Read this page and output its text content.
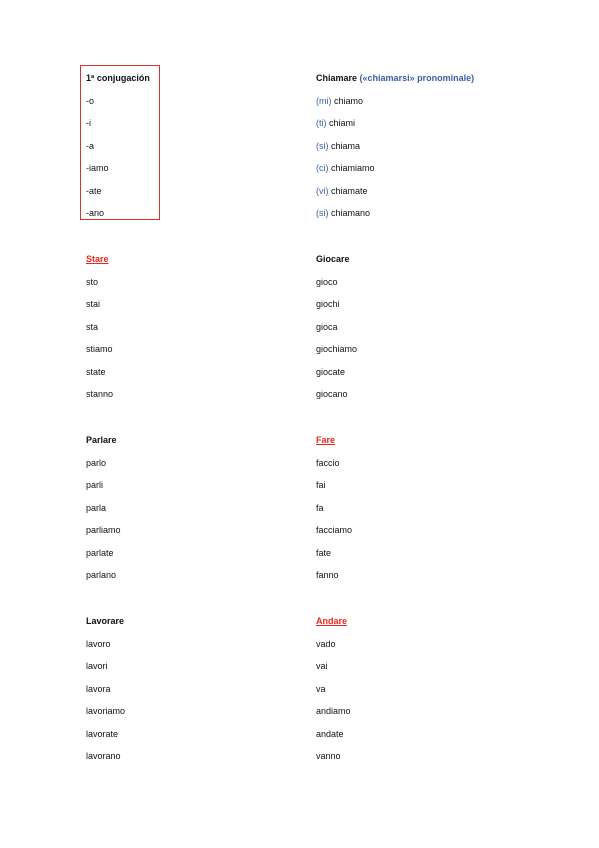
1ª conjugación
-o
-i
-a
-iamo
-ate
-ano
Chiamare («chiamarsi» pronominale)
(mi) chiamo
(ti) chiami
(si) chiama
(ci) chiamiamo
(vi) chiamate
(si) chiamano
Stare
sto
stai
sta
stiamo
state
stanno
Giocare
gioco
giochi
gioca
giochiamo
giocate
giocano
Parlare
parlo
parli
parla
parliamo
parlate
parlano
Fare
faccio
fai
fa
facciamo
fate
fanno
Lavorare
lavoro
lavori
lavora
lavoriamo
lavorate
lavorano
Andare
vado
vai
va
andiamo
andate
vanno
